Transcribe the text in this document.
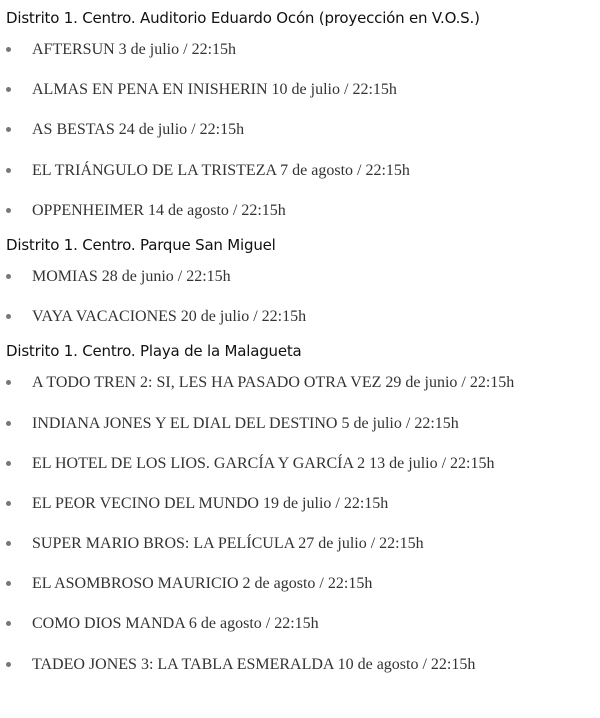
Distrito 1. Centro. Auditorio Eduardo Ocón (proyección en V.O.S.)
AFTERSUN 3 de julio / 22:15h
ALMAS EN PENA EN INISHERIN 10 de julio / 22:15h
AS BESTAS 24 de julio / 22:15h
EL TRIÁNGULO DE LA TRISTEZA 7 de agosto / 22:15h
OPPENHEIMER 14 de agosto / 22:15h
Distrito 1. Centro. Parque San Miguel
MOMIAS 28 de junio / 22:15h
VAYA VACACIONES 20 de julio / 22:15h
Distrito 1. Centro. Playa de la Malagueta
A TODO TREN 2: SI, LES HA PASADO OTRA VEZ 29 de junio / 22:15h
INDIANA JONES Y EL DIAL DEL DESTINO 5 de julio / 22:15h
EL HOTEL DE LOS LIOS. GARCÍA Y GARCÍA 2 13 de julio / 22:15h
EL PEOR VECINO DEL MUNDO 19 de julio / 22:15h
SUPER MARIO BROS: LA PELÍCULA 27 de julio / 22:15h
EL ASOMBROSO MAURICIO 2 de agosto / 22:15h
COMO DIOS MANDA 6 de agosto / 22:15h
TADEO JONES 3: LA TABLA ESMERALDA 10 de agosto / 22:15h
